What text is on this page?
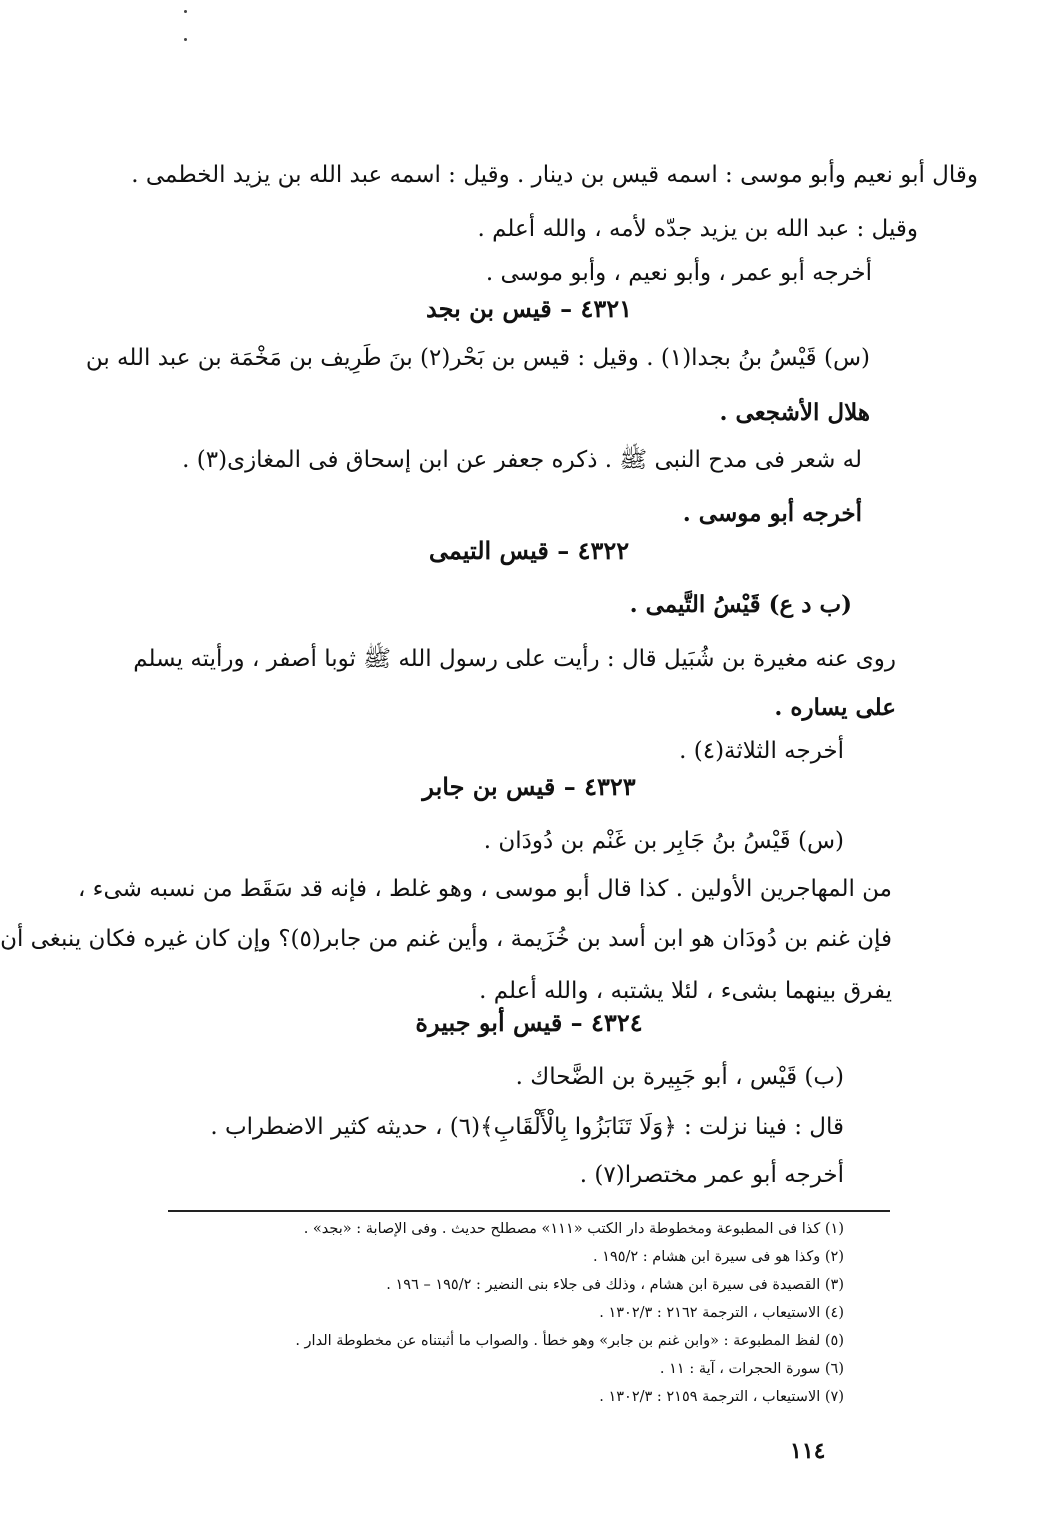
وقال أبو نعيم وأبو موسى : اسمه قيس بن دينار . وقيل : اسمه عبد الله بن يزيد الخطمى .
وقيل : عبد الله بن يزيد جدّه لأمه ، والله أعلم .
أخرجه أبو عمر ، وأبو نعيم ، وأبو موسى .
٤٣٢١ – قيس بن بجد
(س) قَيْسُ بنُ بجدا(١) . وقيل : قيس بن بَحْر(٢) بنَ طَرِيف بن مَخْمَة بن عبد الله بن
هلال الأشجعى .
له شعر فى مدح النبى ﷺ . ذكره جعفر عن ابن إسحاق فى المغازى(٣) .
أخرجه أبو موسى .
٤٣٢٢ – قيس التيمى
(ب د ع) قَيْسُ التَّيمى .
روى عنه مغيرة بن شُبَيل قال : رأيت على رسول الله ﷺ ثوبا أصفر ، ورأيته يسلم
على يساره .
أخرجه الثلاثة(٤) .
٤٣٢٣ – قيس بن جابر
(س) قَيْسُ بنُ جَابِر بن غَنْم بن دُودَان .
من المهاجرين الأولين . كذا قال أبو موسى ، وهو غلط ، فإنه قد سَقَط من نسبه شىء ،
فإن غنم بن دُودَان هو ابن أسد بن خُزَيمة ، وأين غنم من جابر(٥)؟ وإن كان غيره فكان ينبغى أن
يفرق بينهما بشىء ، لئلا يشتبه ، والله أعلم .
٤٣٢٤ – قيس أبو جبيرة
(ب) قَيْس ، أبو جَبِيرة بن الضَّحاك .
قال : فينا نزلت : ﴿وَلَا تَنَابَزُوا بِالْأَلْقَابِ﴾(٦) ، حديثه كثير الاضطراب .
أخرجه أبو عمر مختصرا(٧) .
(١) كذا فى المطبوعة ومخطوطة دار الكتب «١١١» مصطلح حديث . وفى الإصابة : «بجد» .
(٢) وكذا هو فى سيرة ابن هشام : ١٩٥/٢ .
(٣) القصيدة فى سيرة ابن هشام ، وذلك فى جلاء بنى النضير : ١٩٥/٢ – ١٩٦ .
(٤) الاستيعاب ، الترجمة ٢١٦٢ : ١٣٠٢/٣ .
(٥) لفظ المطبوعة : «وابن غنم بن جابر» وهو خطأ . والصواب ما أثبتناه عن مخطوطة الدار .
(٦) سورة الحجرات ، آية : ١١ .
(٧) الاستيعاب ، الترجمة ٢١٥٩ : ١٣٠٢/٣ .
١١٤
